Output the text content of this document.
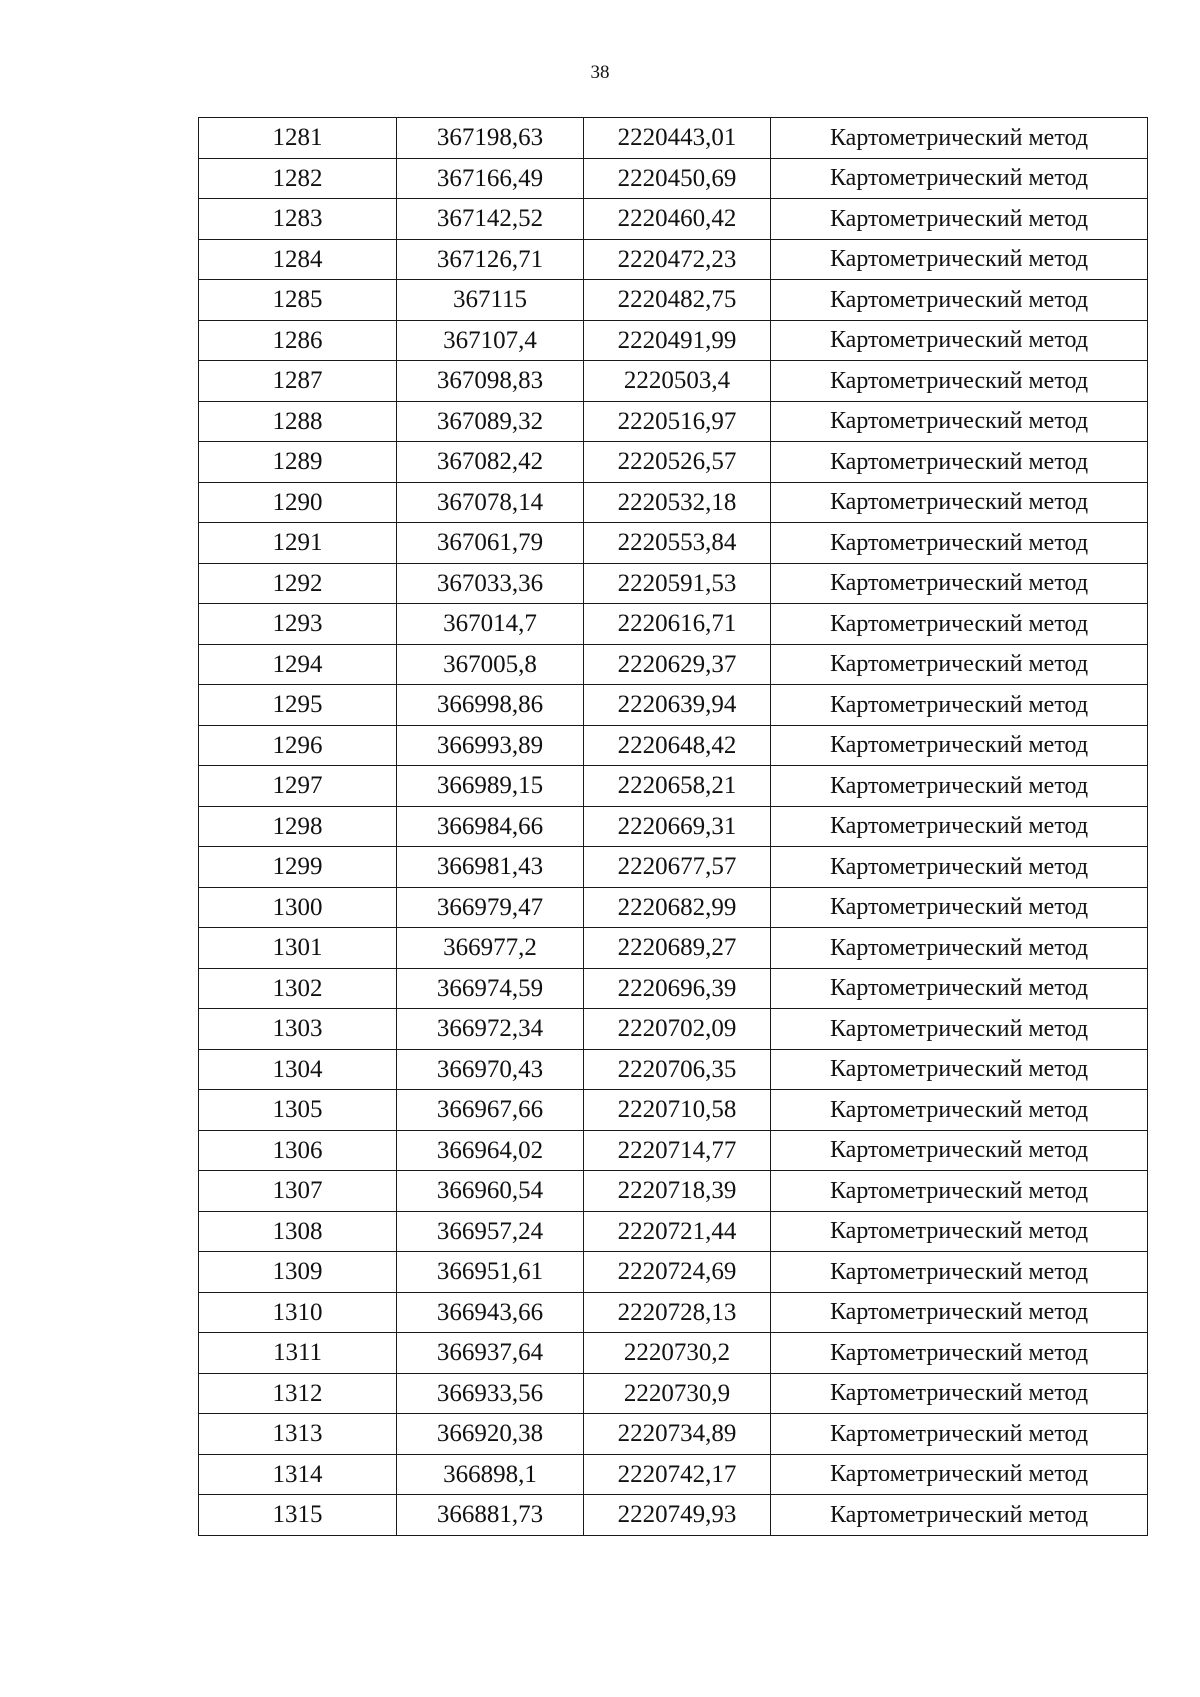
38
1281	367198,63	2220443,01	Картометрический метод
1282	367166,49	2220450,69	Картометрический метод
1283	367142,52	2220460,42	Картометрический метод
1284	367126,71	2220472,23	Картометрический метод
1285	367115	2220482,75	Картометрический метод
1286	367107,4	2220491,99	Картометрический метод
1287	367098,83	2220503,4	Картометрический метод
1288	367089,32	2220516,97	Картометрический метод
1289	367082,42	2220526,57	Картометрический метод
1290	367078,14	2220532,18	Картометрический метод
1291	367061,79	2220553,84	Картометрический метод
1292	367033,36	2220591,53	Картометрический метод
1293	367014,7	2220616,71	Картометрический метод
1294	367005,8	2220629,37	Картометрический метод
1295	366998,86	2220639,94	Картометрический метод
1296	366993,89	2220648,42	Картометрический метод
1297	366989,15	2220658,21	Картометрический метод
1298	366984,66	2220669,31	Картометрический метод
1299	366981,43	2220677,57	Картометрический метод
1300	366979,47	2220682,99	Картометрический метод
1301	366977,2	2220689,27	Картометрический метод
1302	366974,59	2220696,39	Картометрический метод
1303	366972,34	2220702,09	Картометрический метод
1304	366970,43	2220706,35	Картометрический метод
1305	366967,66	2220710,58	Картометрический метод
1306	366964,02	2220714,77	Картометрический метод
1307	366960,54	2220718,39	Картометрический метод
1308	366957,24	2220721,44	Картометрический метод
1309	366951,61	2220724,69	Картометрический метод
1310	366943,66	2220728,13	Картометрический метод
1311	366937,64	2220730,2	Картометрический метод
1312	366933,56	2220730,9	Картометрический метод
1313	366920,38	2220734,89	Картометрический метод
1314	366898,1	2220742,17	Картометрический метод
1315	366881,73	2220749,93	Картометрический метод
